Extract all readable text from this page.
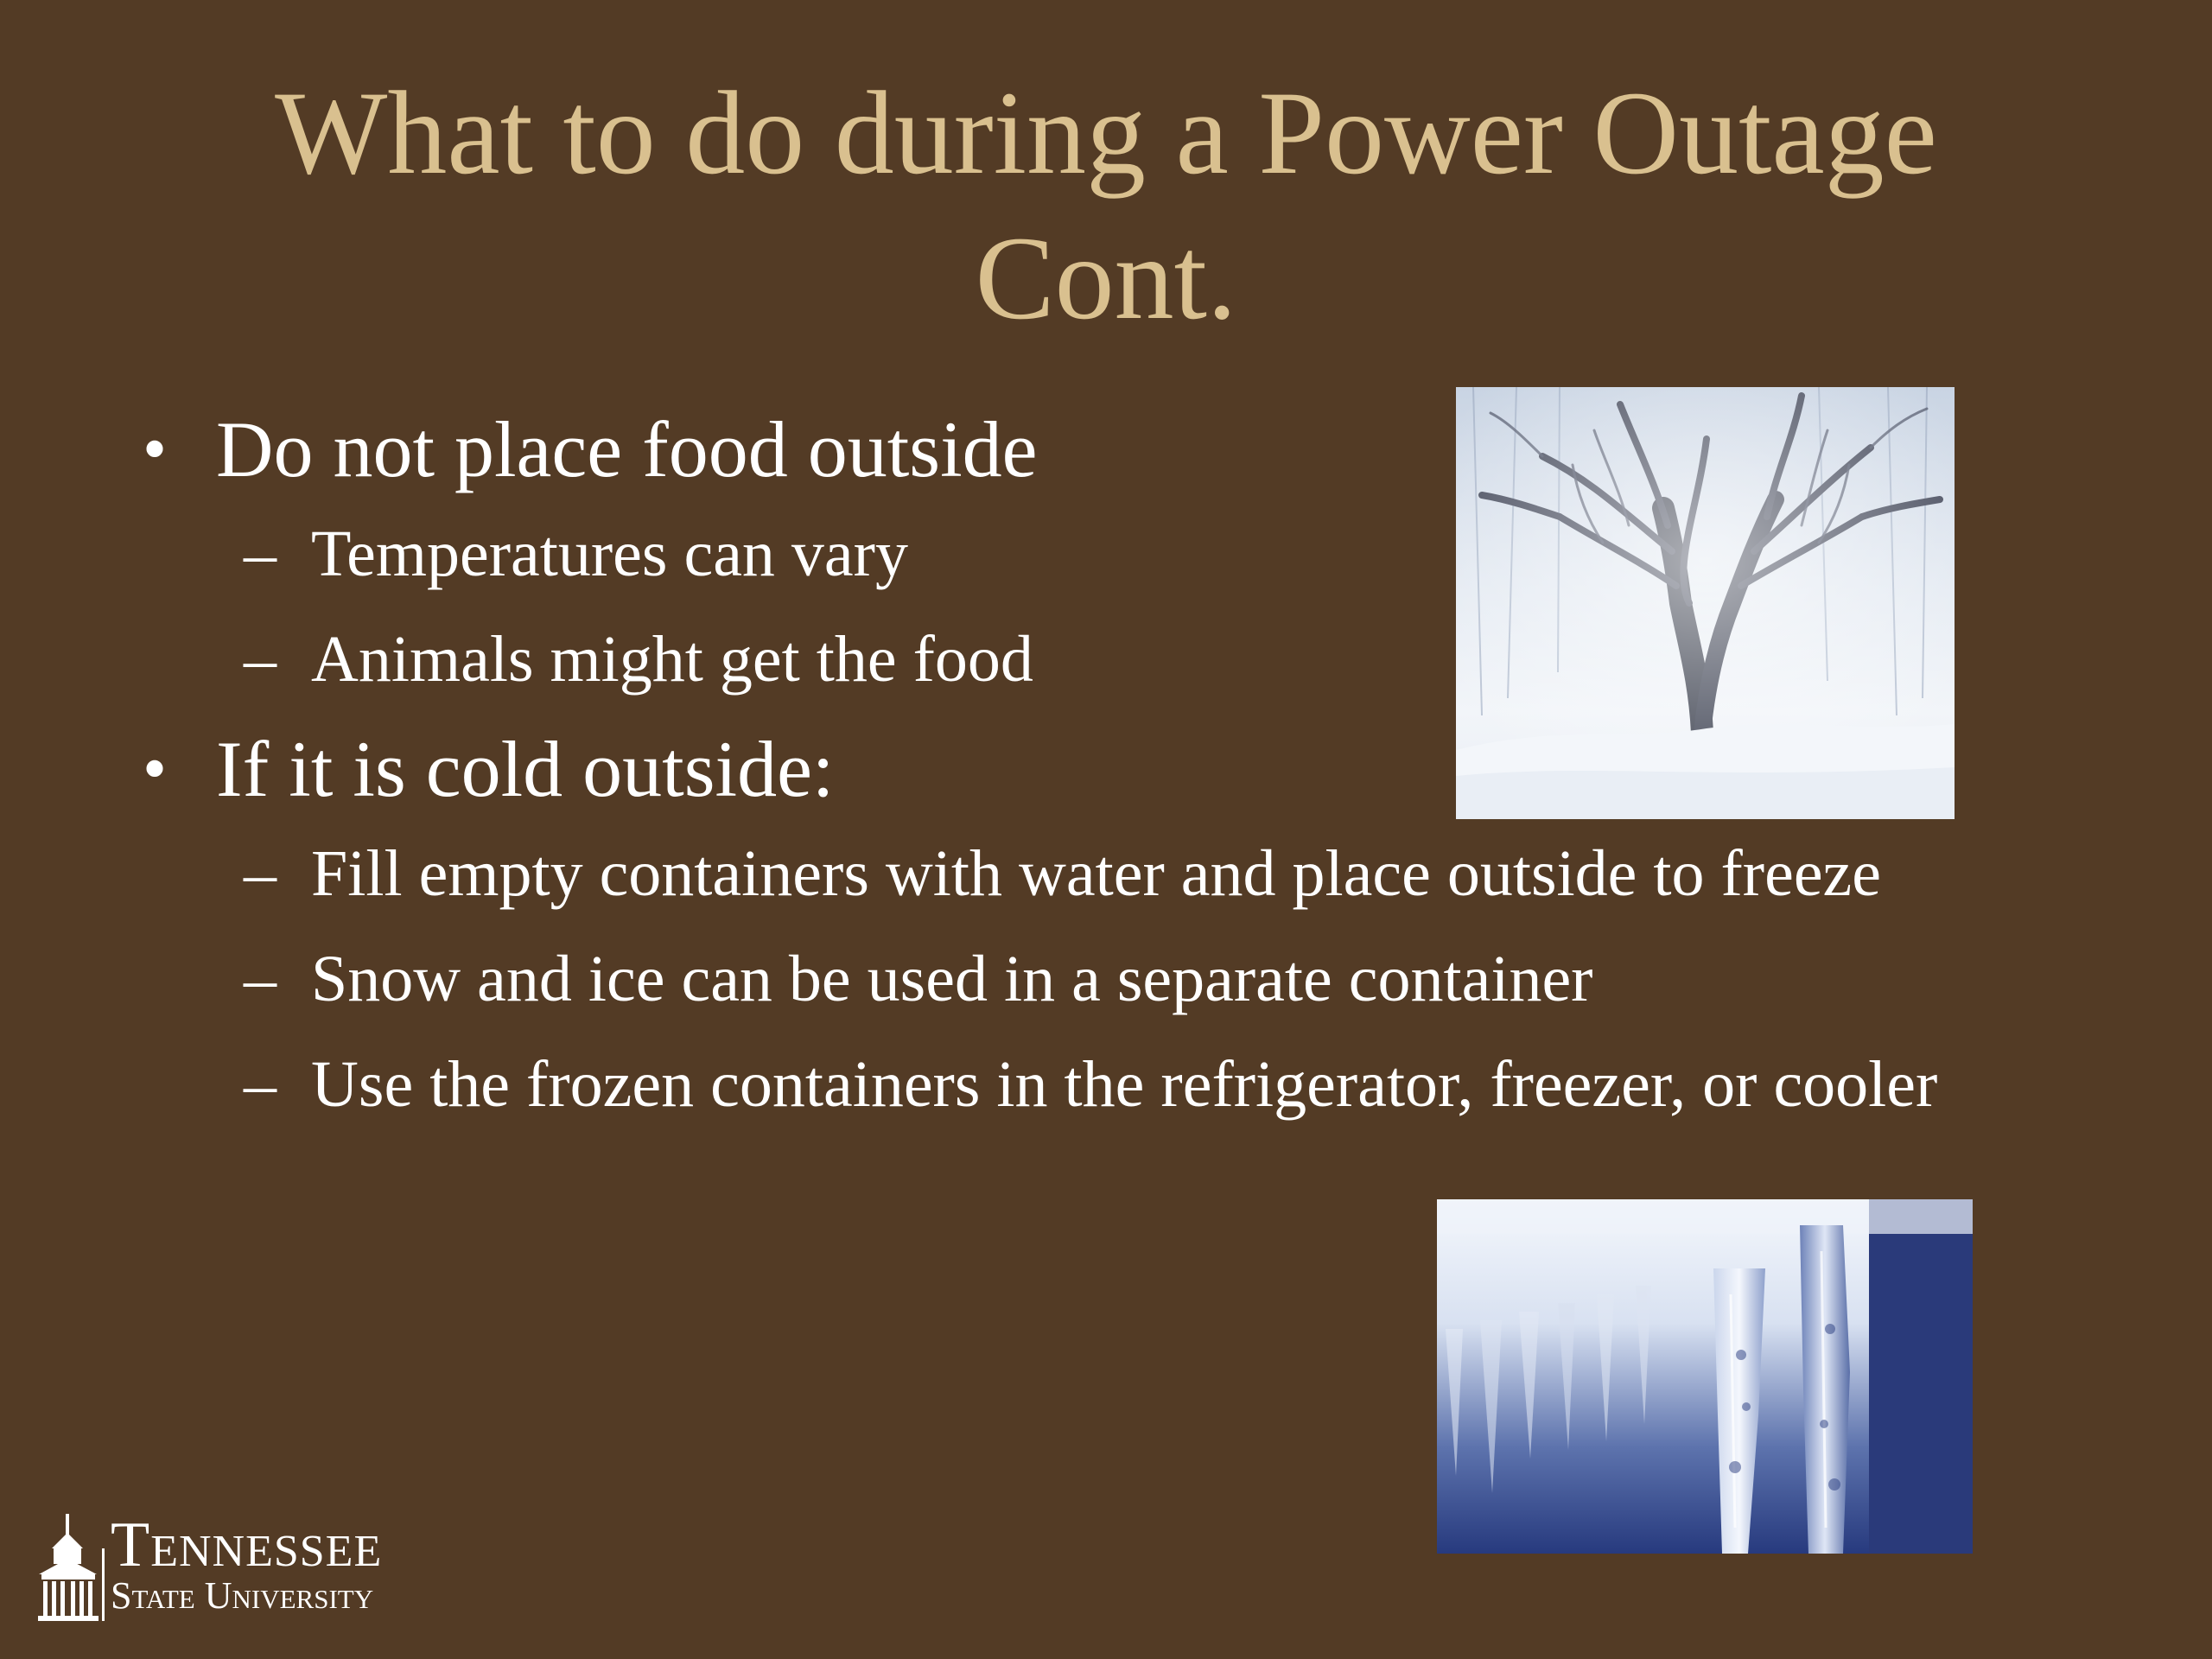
What to do during a Power Outage
Cont.
• Do not place food outside
– Temperatures can vary
– Animals might get the food
• If it is cold outside:
– Fill empty containers with water and place outside to freeze
– Snow and ice can be used in a separate container
– Use the frozen containers in the refrigerator, freezer, or cooler
Tennessee
State University
